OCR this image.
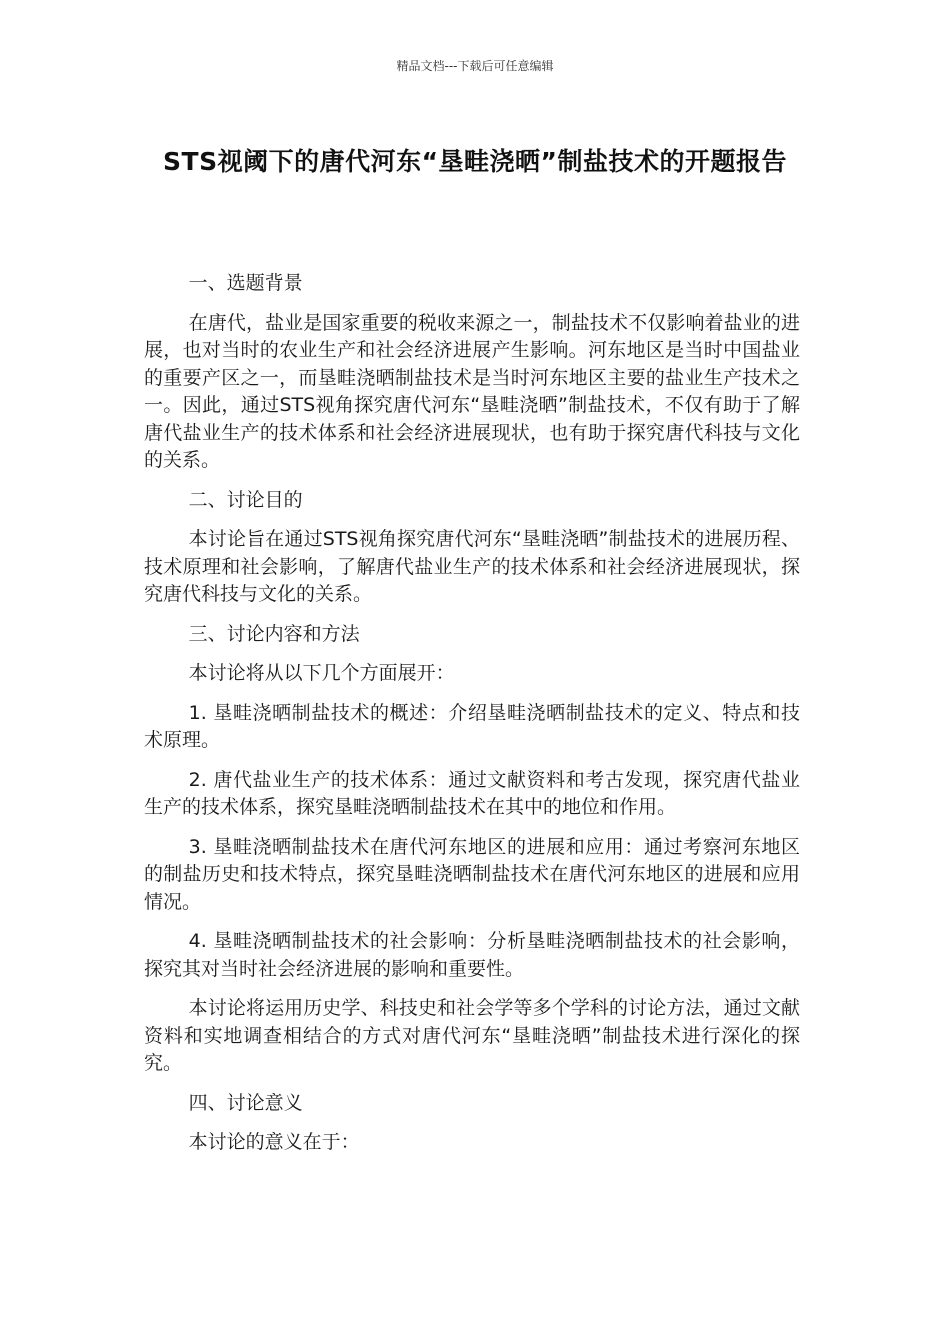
精品文档---下载后可任意编辑
STS视阈下的唐代河东“垦畦浇晒”制盐技术的开题报告

一、选题背景

在唐代，盐业是国家重要的税收来源之一，制盐技术不仅影响着盐业的进展，也对当时的农业生产和社会经济进展产生影响。河东地区是当时中国盐业的重要产区之一，而垦畦浇晒制盐技术是当时河东地区主要的盐业生产技术之一。因此，通过STS视角探究唐代河东“垦畦浇晒”制盐技术，不仅有助于了解唐代盐业生产的技术体系和社会经济进展现状，也有助于探究唐代科技与文化的关系。

二、讨论目的

本讨论旨在通过STS视角探究唐代河东“垦畦浇晒”制盐技术的进展历程、技术原理和社会影响，了解唐代盐业生产的技术体系和社会经济进展现状，探究唐代科技与文化的关系。

三、讨论内容和方法

本讨论将从以下几个方面展开：

1. 垦畦浇晒制盐技术的概述：介绍垦畦浇晒制盐技术的定义、特点和技术原理。

2. 唐代盐业生产的技术体系：通过文献资料和考古发现，探究唐代盐业生产的技术体系，探究垦畦浇晒制盐技术在其中的地位和作用。

3. 垦畦浇晒制盐技术在唐代河东地区的进展和应用：通过考察河东地区的制盐历史和技术特点，探究垦畦浇晒制盐技术在唐代河东地区的进展和应用情况。

4. 垦畦浇晒制盐技术的社会影响：分析垦畦浇晒制盐技术的社会影响，探究其对当时社会经济进展的影响和重要性。

本讨论将运用历史学、科技史和社会学等多个学科的讨论方法，通过文献资料和实地调查相结合的方式对唐代河东“垦畦浇晒”制盐技术进行深化的探究。

四、讨论意义

本讨论的意义在于：
